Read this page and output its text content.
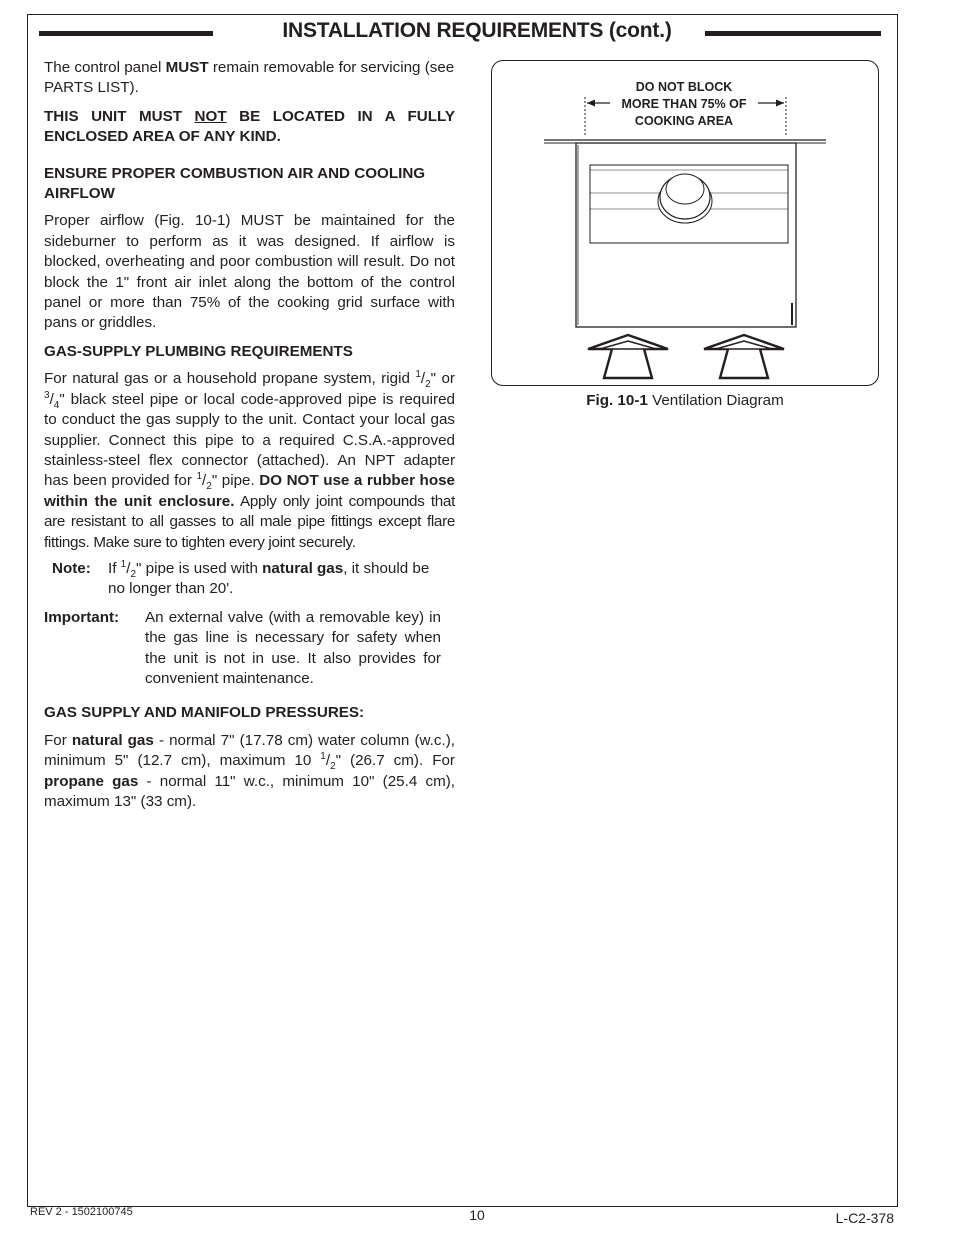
INSTALLATION REQUIREMENTS (cont.)

The control panel MUST remain removable for servicing (see PARTS LIST).

THIS UNIT MUST NOT BE LOCATED IN A FULLY ENCLOSED AREA OF ANY KIND.

ENSURE PROPER COMBUSTION AIR AND COOLING AIRFLOW

Proper airflow (Fig. 10-1) MUST be maintained for the sideburner to perform as it was designed. If airflow is blocked, overheating and poor combustion will result. Do not block the 1" front air inlet along the bottom of the control panel or more than 75% of the cooking grid surface with pans or griddles.

GAS-SUPPLY PLUMBING REQUIREMENTS

For natural gas or a household propane system, rigid $^1/_2$" or $^3/_4$" black steel pipe or local code-approved pipe is required to conduct the gas supply to the unit. Contact your local gas supplier. Connect this pipe to a required C.S.A.-approved stainless-steel flex connector (attached). An NPT adapter has been provided for $^1/_2$" pipe. DO NOT use a rubber hose within the unit enclosure. Apply only joint compounds that are resistant to all gasses to all male pipe fittings except flare fittings. Make sure to tighten every joint securely.

Note:	If $^1/_2$" pipe is used with natural gas, it should be no longer than 20'.
Important:	An external valve (with a removable key) in the gas line is necessary for safety when the unit is not in use. It also provides for convenient maintenance.
GAS SUPPLY AND MANIFOLD PRESSURES:

For natural gas - normal 7" (17.78 cm) water column (w.c.), minimum 5" (12.7 cm), maximum 10 $^1/_2$" (26.7 cm). For propane gas - normal 11" w.c., minimum 10" (25.4 cm), maximum 13" (33 cm).

DO NOT BLOCK
MORE THAN 75% OF
COOKING AREA
Fig. 10-1 Ventilation Diagram
REV 2 - 1502100745	10	L-C2-378
